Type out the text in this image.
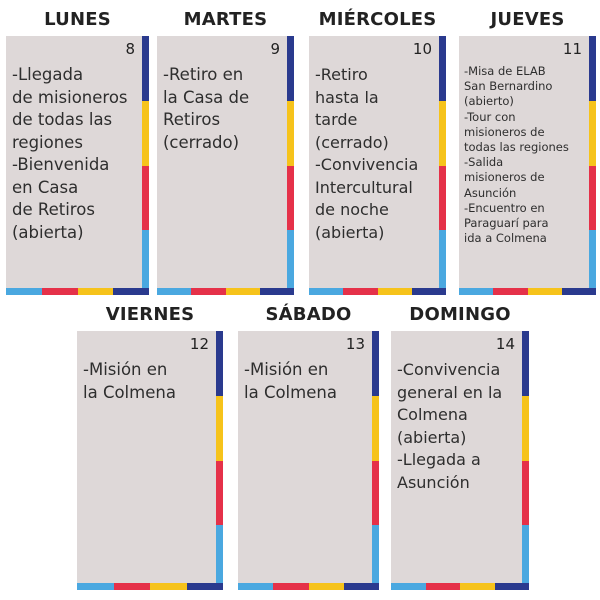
LUNES
8
-Llegada
de misioneros
de todas las
regiones
-Bienvenida
en Casa
de Retiros
(abierta)
MARTES
9
-Retiro en
la Casa de
Retiros
(cerrado)
MIÉRCOLES
10
-Retiro
hasta la
tarde
(cerrado)
-Convivencia
Intercultural
de noche
(abierta)
JUEVES
11
-Misa de ELAB
San Bernardino
(abierto)
-Tour con
misioneros de
todas las regiones
-Salida
misioneros de
Asunción
-Encuentro en
Paraguarí para
ida a Colmena
VIERNES
12
-Misión en
la Colmena
SÁBADO
13
-Misión en
la Colmena
DOMINGO
14
-Convivencia
general en la
Colmena
(abierta)
-Llegada a
Asunción
